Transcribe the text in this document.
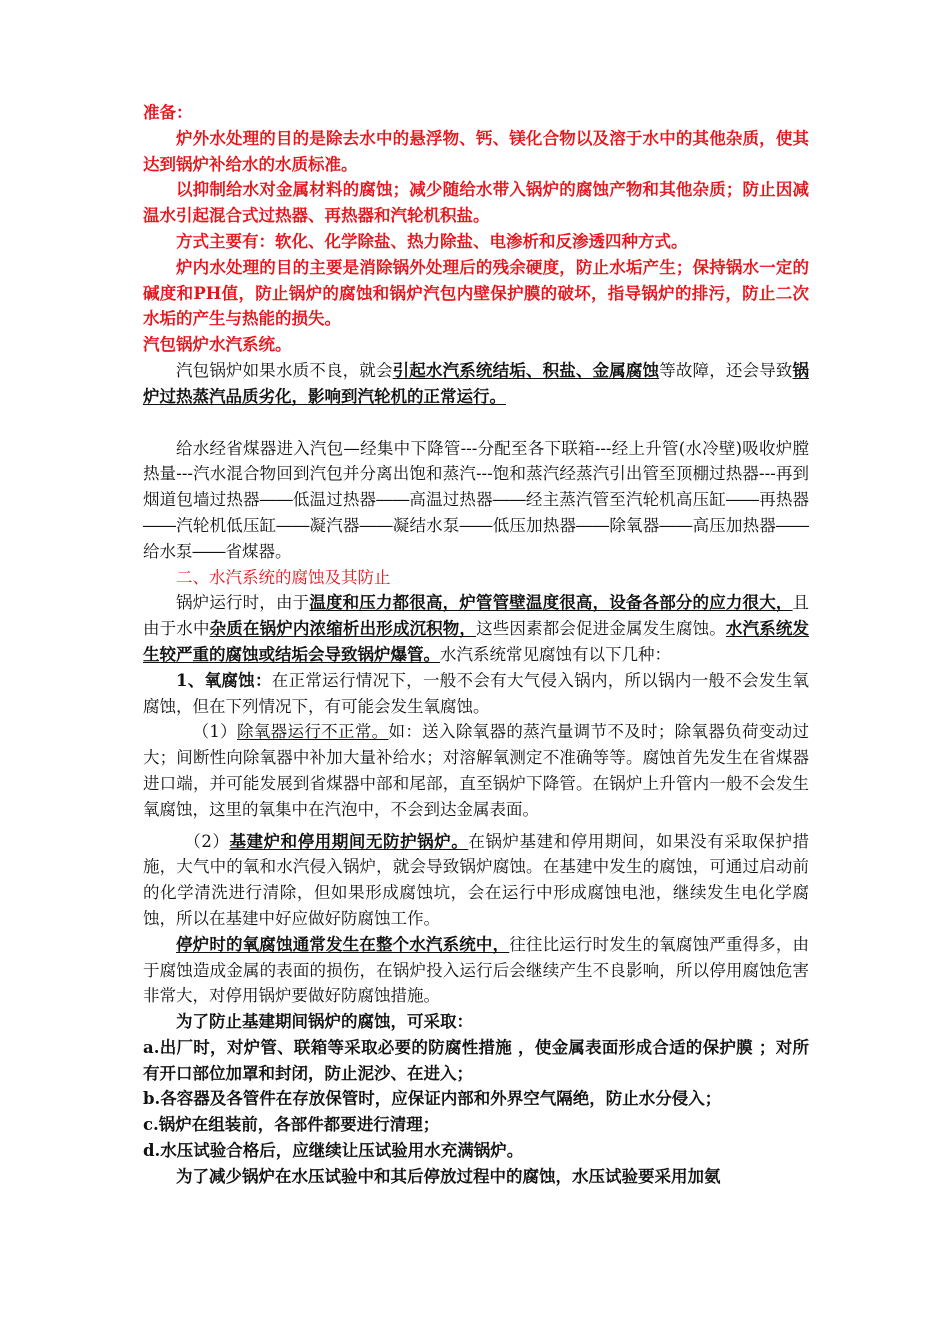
准备：

炉外水处理的目的是除去水中的悬浮物、钙、镁化合物以及溶于水中的其他杂质，使其达到锅炉补给水的水质标准。

以抑制给水对金属材料的腐蚀；减少随给水带入锅炉的腐蚀产物和其他杂质；防止因减温水引起混合式过热器、再热器和汽轮机积盐。

方式主要有：软化、化学除盐、热力除盐、电渗析和反渗透四种方式。

炉内水处理的目的主要是消除锅外处理后的残余硬度，防止水垢产生；保持锅水一定的碱度和PH值，防止锅炉的腐蚀和锅炉汽包内壁保护膜的破坏，指导锅炉的排污，防止二次水垢的产生与热能的损失。

汽包锅炉水汽系统。

汽包锅炉如果水质不良，就会引起水汽系统结垢、积盐、金属腐蚀等故障，还会导致锅炉过热蒸汽品质劣化，影响到汽轮机的正常运行。

给水经省煤器进入汽包—经集中下降管---分配至各下联箱---经上升管(水冷壁)吸收炉膛热量---汽水混合物回到汽包并分离出饱和蒸汽---饱和蒸汽经蒸汽引出管至顶棚过热器---再到烟道包墙过热器――低温过热器――高温过热器――经主蒸汽管至汽轮机高压缸――再热器――汽轮机低压缸――凝汽器――凝结水泵――低压加热器――除氧器――高压加热器――给水泵――省煤器。

二、水汽系统的腐蚀及其防止

锅炉运行时，由于温度和压力都很高，炉管管壁温度很高，设备各部分的应力很大，且由于水中杂质在锅炉内浓缩析出形成沉积物，这些因素都会促进金属发生腐蚀。水汽系统发生较严重的腐蚀或结垢会导致锅炉爆管。水汽系统常见腐蚀有以下几种：

1、氧腐蚀：在正常运行情况下，一般不会有大气侵入锅内，所以锅内一般不会发生氧腐蚀，但在下列情况下，有可能会发生氧腐蚀。

（1）除氧器运行不正常。如：送入除氧器的蒸汽量调节不及时；除氧器负荷变动过大；间断性向除氧器中补加大量补给水；对溶解氧测定不准确等等。腐蚀首先发生在省煤器进口端，并可能发展到省煤器中部和尾部，直至锅炉下降管。在锅炉上升管内一般不会发生氧腐蚀，这里的氧集中在汽泡中，不会到达金属表面。

（2）基建炉和停用期间无防护锅炉。在锅炉基建和停用期间，如果没有采取保护措施，大气中的氧和水汽侵入锅炉，就会导致锅炉腐蚀。在基建中发生的腐蚀，可通过启动前的化学清洗进行清除，但如果形成腐蚀坑，会在运行中形成腐蚀电池，继续发生电化学腐蚀，所以在基建中好应做好防腐蚀工作。

停炉时的氧腐蚀通常发生在整个水汽系统中，往往比运行时发生的氧腐蚀严重得多，由于腐蚀造成金属的表面的损伤，在锅炉投入运行后会继续产生不良影响，所以停用腐蚀危害非常大，对停用锅炉要做好防腐蚀措施。

为了防止基建期间锅炉的腐蚀，可采取：

a.出厂时，对炉管、联箱等采取必要的防腐性措施 ，使金属表面形成合适的保护膜 ；对所有开口部位加罩和封闭，防止泥沙、在进入；

b.各容器及各管件在存放保管时，应保证内部和外界空气隔绝，防止水分侵入；

c.锅炉在组装前，各部件都要进行清理；

d.水压试验合格后，应继续让压试验用水充满锅炉。

为了减少锅炉在水压试验中和其后停放过程中的腐蚀，水压试验要采用加氨
